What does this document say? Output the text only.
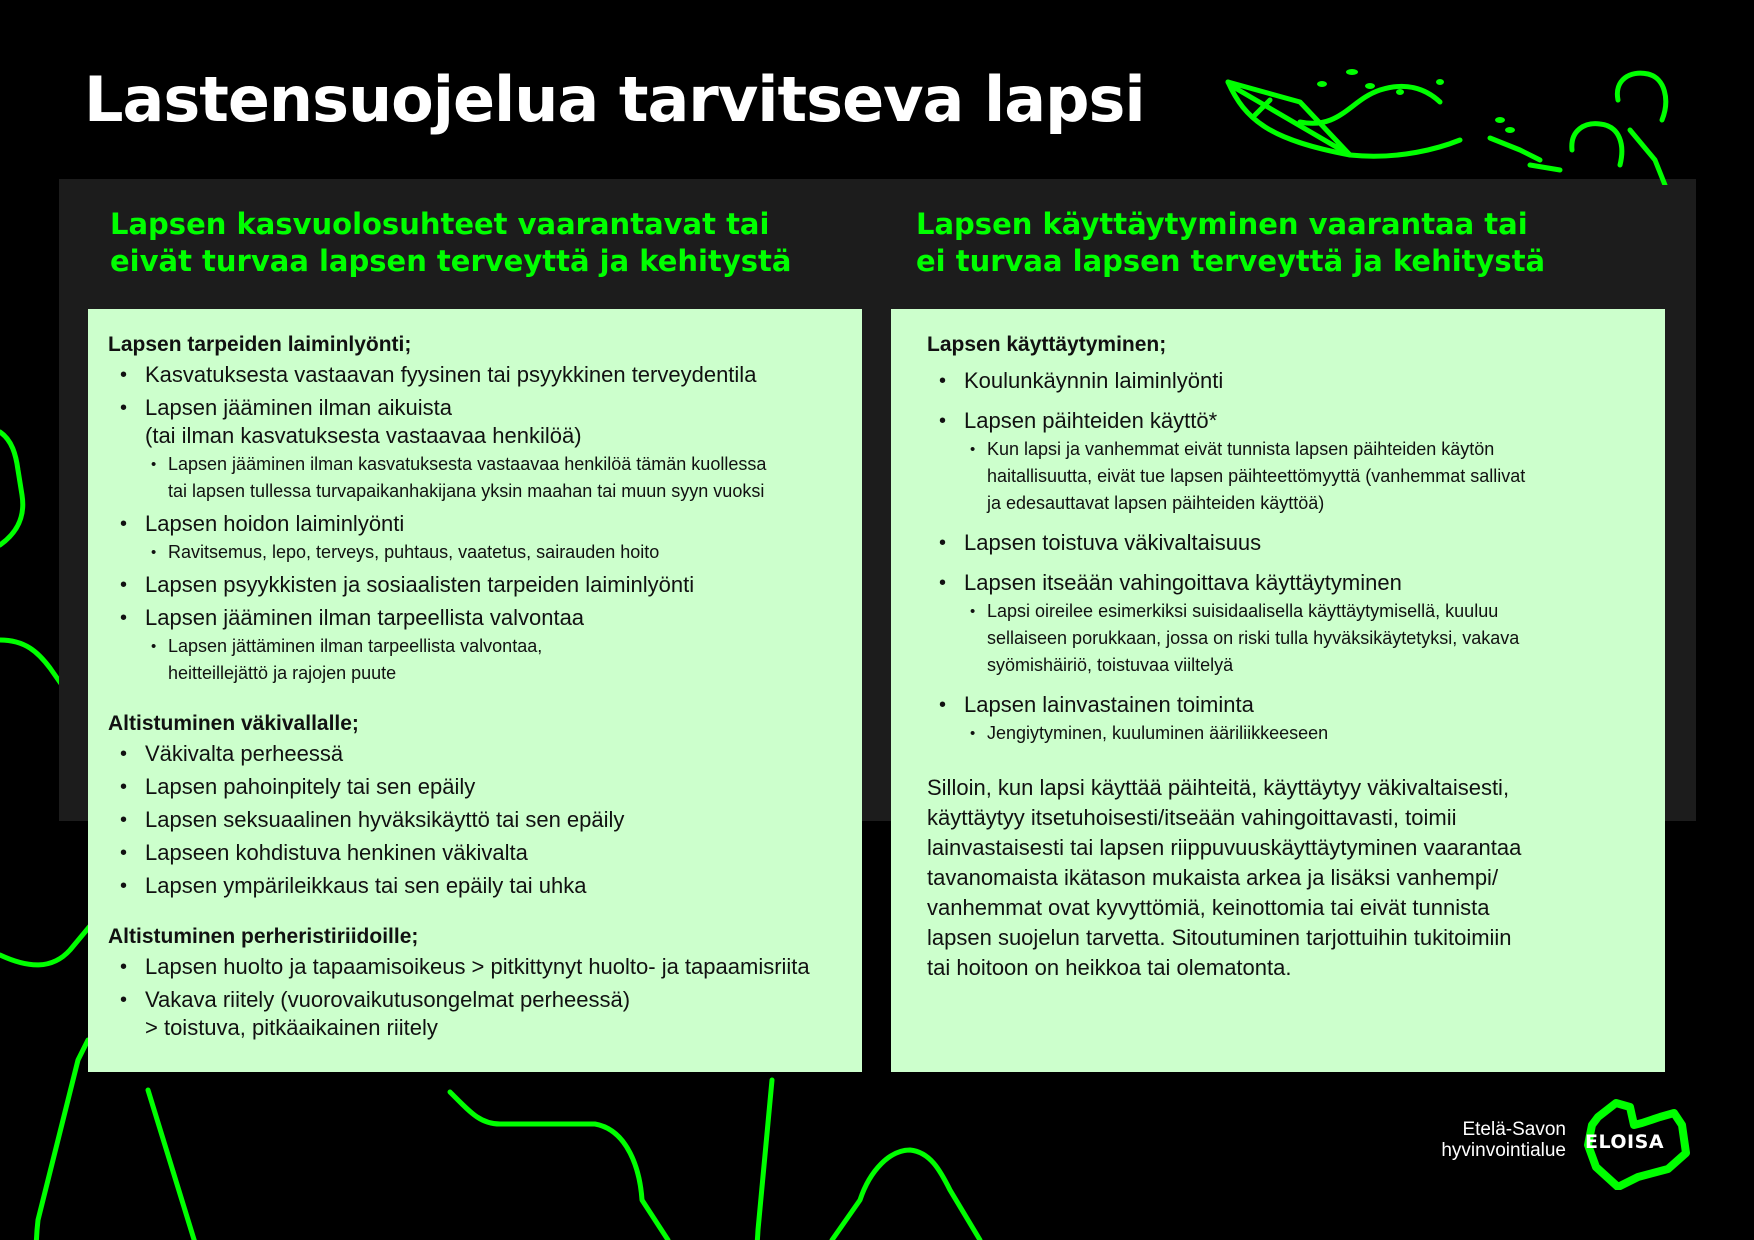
Lastensuojelua tarvitseva lapsi
Lapsen kasvuolosuhteet vaarantavat tai
eivät turvaa lapsen terveyttä ja kehitystä
Lapsen käyttäytyminen vaarantaa tai
ei turvaa lapsen terveyttä ja kehitystä
Lapsen tarpeiden laiminlyönti;
• Kasvatuksesta vastaavan fyysinen tai psyykkinen terveydentila
• Lapsen jääminen ilman aikuista
(tai ilman kasvatuksesta vastaavaa henkilöä)
• Lapsen jääminen ilman kasvatuksesta vastaavaa henkilöä tämän kuollessa
tai lapsen tullessa turvapaikanhakijana yksin maahan tai muun syyn vuoksi
• Lapsen hoidon laiminlyönti
• Ravitsemus, lepo, terveys, puhtaus, vaatetus, sairauden hoito
• Lapsen psyykkisten ja sosiaalisten tarpeiden laiminlyönti
• Lapsen jääminen ilman tarpeellista valvontaa
• Lapsen jättäminen ilman tarpeellista valvontaa,
heitteillejättö ja rajojen puute
Altistuminen väkivallalle;
• Väkivalta perheessä
• Lapsen pahoinpitely tai sen epäily
• Lapsen seksuaalinen hyväksikäyttö tai sen epäily
• Lapseen kohdistuva henkinen väkivalta
• Lapsen ympärileikkaus tai sen epäily tai uhka
Altistuminen perheristiriidoille;
• Lapsen huolto ja tapaamisoikeus > pitkittynyt huolto- ja tapaamisriita
• Vakava riitely (vuorovaikutusongelmat perheessä)
> toistuva, pitkäaikainen riitely
Lapsen käyttäytyminen;
• Koulunkäynnin laiminlyönti
• Lapsen päihteiden käyttö*
• Kun lapsi ja vanhemmat eivät tunnista lapsen päihteiden käytön
haitallisuutta, eivät tue lapsen päihteettömyyttä (vanhemmat sallivat
ja edesauttavat lapsen päihteiden käyttöä)
• Lapsen toistuva väkivaltaisuus
• Lapsen itseään vahingoittava käyttäytyminen
• Lapsi oireilee esimerkiksi suisidaalisella käyttäytymisellä, kuuluu
sellaiseen porukkaan, jossa on riski tulla hyväksikäytetyksi, vakava
syömishäiriö, toistuvaa viiltelyä
• Lapsen lainvastainen toiminta
• Jengiytyminen, kuuluminen ääriliikkeeseen

Silloin, kun lapsi käyttää päihteitä, käyttäytyy väkivaltaisesti,
käyttäytyy itsetuhoisesti/itseään vahingoittavasti, toimii
lainvastaisesti tai lapsen riippuvuuskäyttäytyminen vaarantaa
tavanomaista ikätason mukaista arkea ja lisäksi vanhempi/
vanhemmat ovat kyvyttömiä, keinottomia tai eivät tunnista
lapsen suojelun tarvetta. Sitoutuminen tarjottuihin tukitoimiin
tai hoitoon on heikkoa tai olematonta.

Etelä-Savon
hyvinvointialue ELOISA
